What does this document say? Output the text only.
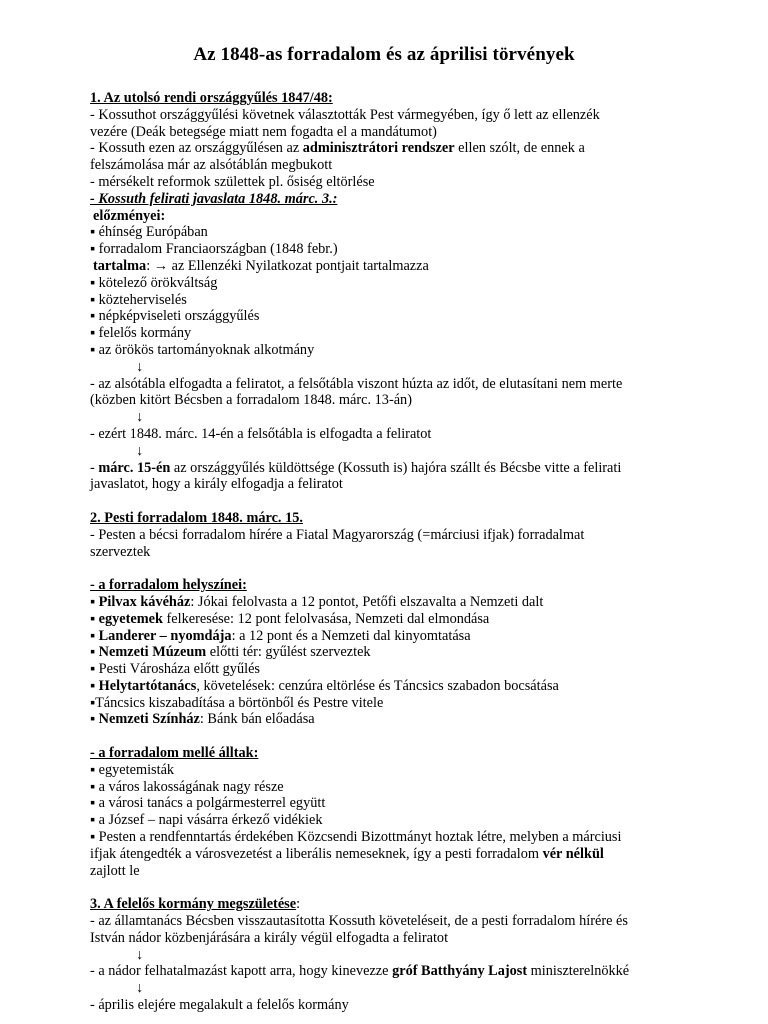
Az 1848-as forradalom és az áprilisi törvények
1. Az utolsó rendi országgyűlés 1847/48:
- Kossuthot országgyűlési követnek választották Pest vármegyében, így ő lett az ellenzék
vezére (Deák betegsége miatt nem fogadta el a mandátumot)
- Kossuth ezen az országgyűlésen az adminisztrátori rendszer ellen szólt, de ennek a
felszámolása már az alsótáblán megbukott
- mérsékelt reformok születtek pl. ősiség eltörlése
- Kossuth felirati javaslata 1848. márc. 3.:
előzményei:
▪ éhínség Európában
▪ forradalom Franciaországban (1848 febr.)
tartalma: → az Ellenzéki Nyilatkozat pontjait tartalmazza
▪ kötelező örökváltság
▪ közteherviselés
▪ népképviseleti országgyűlés
▪ felelős kormány
▪ az örökös tartományoknak alkotmány
↓
- az alsótábla elfogadta a feliratot, a felsőtábla viszont húzta az időt, de elutasítani nem merte
(közben kitört Bécsben a forradalom 1848. márc. 13-án)
↓
- ezért 1848. márc. 14-én a felsőtábla is elfogadta a feliratot
↓
- márc. 15-én az országgyűlés küldöttsége (Kossuth is) hajóra szállt és Bécsbe vitte a felirati
javaslatot, hogy a király elfogadja a feliratot
2. Pesti forradalom 1848. márc. 15.
- Pesten a bécsi forradalom hírére a Fiatal Magyarország (=márciusi ifjak) forradalmat
szerveztek
- a forradalom helyszínei:
▪ Pilvax kávéház: Jókai felolvasta a 12 pontot, Petőfi elszavalta a Nemzeti dalt
▪ egyetemek felkeresése: 12 pont felolvasása, Nemzeti dal elmondása
▪ Landerer – nyomdája: a 12 pont és a Nemzeti dal kinyomtatása
▪ Nemzeti Múzeum előtti tér: gyűlést szerveztek
▪ Pesti Városháza előtt gyűlés
▪ Helytartótanács, követelések: cenzúra eltörlése és Táncsics szabadon bocsátása
▪Táncsics kiszabadítása a börtönből és Pestre vitele
▪ Nemzeti Színház: Bánk bán előadása
- a forradalom mellé álltak:
▪ egyetemisták
▪ a város lakosságának nagy része
▪ a városi tanács a polgármesterrel együtt
▪ a József – napi vásárra érkező vidékiek
▪ Pesten a rendfenntartás érdekében Közcsendi Bizottmányt hoztak létre, melyben a márciusi
ifjak átengedték a városvezetést a liberális nemeseknek, így a pesti forradalom vér nélkül
zajlott le
3. A felelős kormány megszületése:
- az államtanács Bécsben visszautasította Kossuth követeléseit, de a pesti forradalom hírére és
István nádor közbenjárására a király végül elfogadta a feliratot
↓
- a nádor felhatalmazást kapott arra, hogy kinevezze gróf Batthyány Lajost miniszterelnökké
↓
- április elejére megalakult a felelős kormány
